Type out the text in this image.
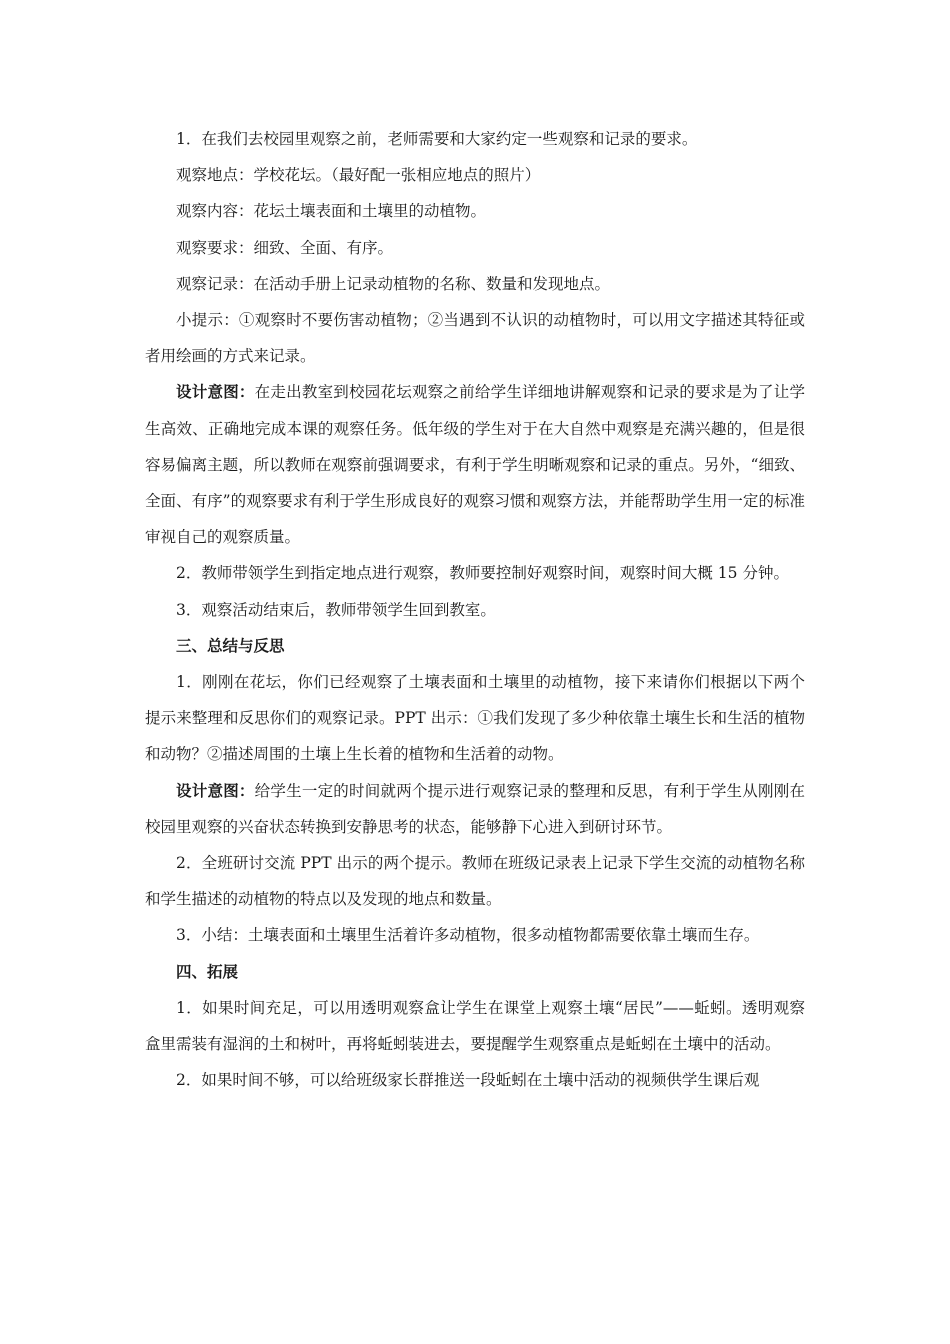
1．在我们去校园里观察之前，老师需要和大家约定一些观察和记录的要求。

观察地点：学校花坛。（最好配一张相应地点的照片）

观察内容：花坛土壤表面和土壤里的动植物。

观察要求：细致、全面、有序。

观察记录：在活动手册上记录动植物的名称、数量和发现地点。

小提示：①观察时不要伤害动植物；②当遇到不认识的动植物时，可以用文字描述其特征或者用绘画的方式来记录。

设计意图：在走出教室到校园花坛观察之前给学生详细地讲解观察和记录的要求是为了让学生高效、正确地完成本课的观察任务。低年级的学生对于在大自然中观察是充满兴趣的，但是很容易偏离主题，所以教师在观察前强调要求，有利于学生明晰观察和记录的重点。另外，“细致、全面、有序”的观察要求有利于学生形成良好的观察习惯和观察方法，并能帮助学生用一定的标准审视自己的观察质量。

2．教师带领学生到指定地点进行观察，教师要控制好观察时间，观察时间大概 15 分钟。

3．观察活动结束后，教师带领学生回到教室。

三、总结与反思

1．刚刚在花坛，你们已经观察了土壤表面和土壤里的动植物，接下来请你们根据以下两个提示来整理和反思你们的观察记录。PPT 出示：①我们发现了多少种依靠土壤生长和生活的植物和动物？②描述周围的土壤上生长着的植物和生活着的动物。

设计意图：给学生一定的时间就两个提示进行观察记录的整理和反思，有利于学生从刚刚在校园里观察的兴奋状态转换到安静思考的状态，能够静下心进入到研讨环节。

2．全班研讨交流 PPT 出示的两个提示。教师在班级记录表上记录下学生交流的动植物名称和学生描述的动植物的特点以及发现的地点和数量。

3．小结：土壤表面和土壤里生活着许多动植物，很多动植物都需要依靠土壤而生存。

四、拓展

1．如果时间充足，可以用透明观察盒让学生在课堂上观察土壤“居民”——蚯蚓。透明观察盒里需装有湿润的土和树叶，再将蚯蚓装进去，要提醒学生观察重点是蚯蚓在土壤中的活动。

2．如果时间不够，可以给班级家长群推送一段蚯蚓在土壤中活动的视频供学生课后观
